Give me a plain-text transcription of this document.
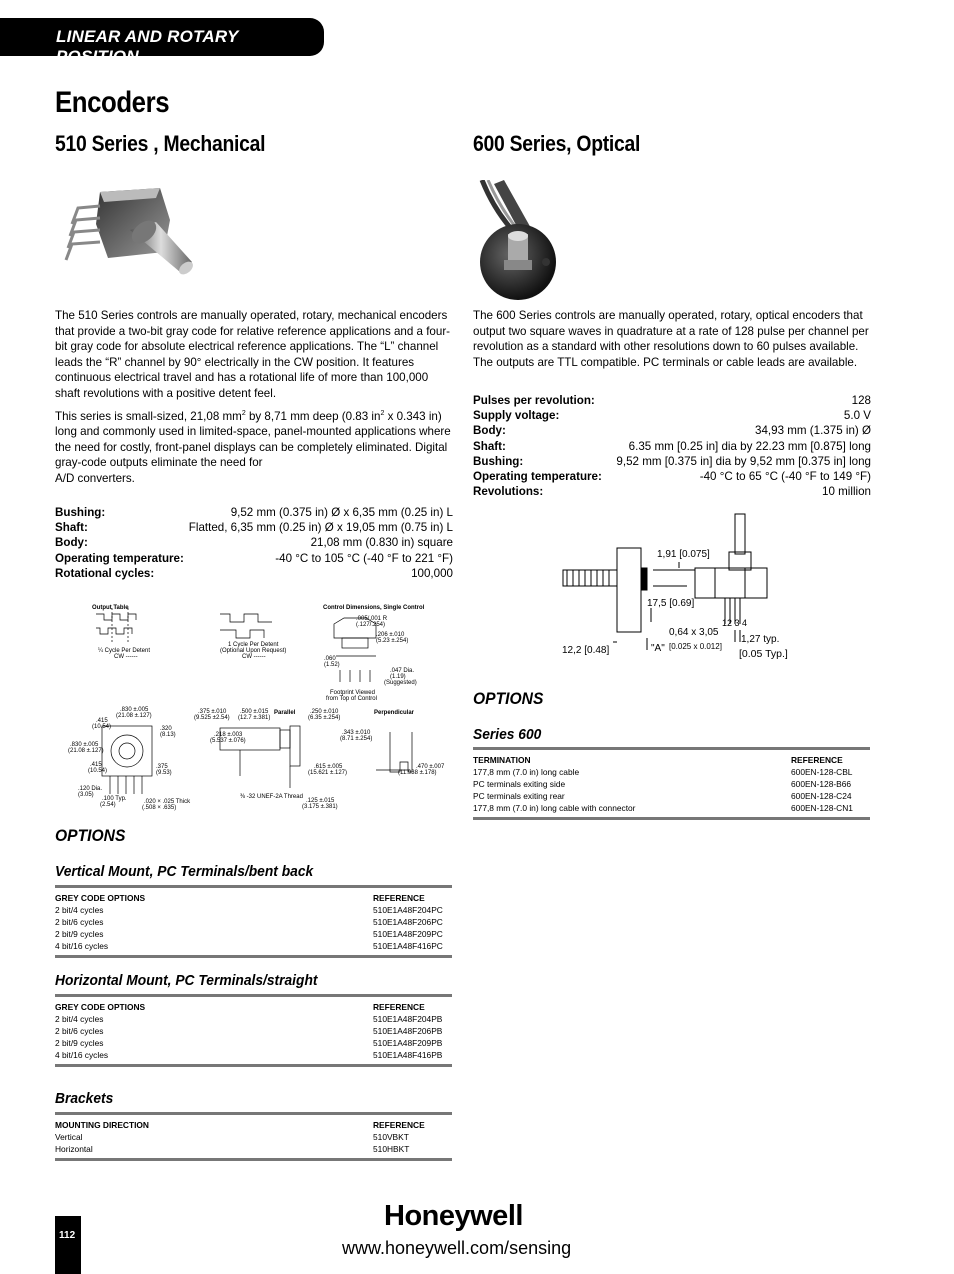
LINEAR AND ROTARY POSITION
Encoders
510 Series , Mechanical	600 Series, Optical

The 510 Series controls are manually operated, rotary, mechanical encoders that provide a two-bit gray code for relative reference applications and a four-bit gray code for absolute electrical reference applications. The “L” channel leads the “R” channel by 90° electrically in the CW position. It features continuous electrical travel and has a rotational life of more than 100,000 shaft revolutions with a positive detent feel.

This series is small-sized, 21,08 $mm^2$ by 8,71 mm deep (0.83 $in^2$ x 0.343 in) long and commonly used in limited-space, panel-mounted applications where the need for costly, front-panel displays can be completely eliminated. Digital gray-code outputs eliminate the need for
A/D converters.

The 600 Series controls are manually operated, rotary, optical encoders that output two square waves in quadrature at a rate of 128 pulse per channel per revolution as a standard with other resolutions down to 60 pulses available. The outputs are TTL compatible. PC terminals or cable leads are available.

Pulses per revolution:	128
Supply voltage:	5.0 V
Body:	34,93 mm (1.375 in) Ø
Shaft:	6.35 mm [0.25 in] dia by 22.23 mm [0.875] long
Bushing:	9,52 mm [0.375 in] dia by 9,52 mm [0.375 in] long
Operating temperature:	-40 °C to 65 °C (-40 °F to 149 °F)
Revolutions:	10 million
Bushing:	9,52 mm (0.375 in) Ø x 6,35 mm (0.25 in) L
Shaft:	Flatted, 6,35 mm (0.25 in) Ø x 19,05 mm (0.75 in) L
Body:	21,08 mm (0.830 in) square
Operating temperature:	-40 °C to 105 °C (-40 °F to 221 °F)
Rotational cycles:	100,000
1,91 [0.075]
17,5 [0.69]
12 3 4
0,64 x 3,05
[0.025 x 0.012]
12,2 [0.48]	"A"
1,27 typ.
[0.05 Typ.]
Output Table
¼ Cycle Per Detent
CW ------
1 Cycle Per Detent
(Optional Upon Request)
CW ------
Control Dimensions, Single Control
.005/.001 R
(.127/.254)
.206 ±.010
(5.23 ±.254)
.060
(1.52)
.047 Dia.
(1.19)
(Suggested)
Footprint Viewed
from Top of Control
.830 ±.005
(21.08 ±.127)
.415
(10.54)	.320
(8.13)
.830 ±.005
(21.08 ±.127)
.415
(10.54)
.375
(9.53)
.120 Dia.
(3.05)
.100 Typ.
(2.54)	.020 × .025 Thick
(.508 × .635)
.375 ±.010
(9.525 ±2.54)
.500 ±.015
(12.7 ±.381)
Parallel .250 ±.010
(6.35 ±.254)
Perpendicular
.218 ±.003
(5.537 ±.076)
.343 ±.010
(8.71 ±.254)
.615 ±.005
(15.621 ±.127)
.470 ±.007
(11.938 ±.178)
⅜ -32 UNEF-2A Thread
.125 ±.015
(3.175 ±.381)
OPTIONS
Series 600
TERMINATION	REFERENCE
177,8 mm (7.0 in) long cable	600EN-128-CBL
PC terminals exiting side	600EN-128-B66
PC terminals exiting rear	600EN-128-C24
177,8 mm (7.0 in) long cable with connector	600EN-128-CN1
OPTIONS
Vertical Mount, PC Terminals/bent back
GREY CODE OPTIONS	REFERENCE
2 bit/4 cycles	510E1A48F204PC
2 bit/6 cycles	510E1A48F206PC
2 bit/9 cycles	510E1A48F209PC
4 bit/16 cycles	510E1A48F416PC
Horizontal Mount, PC Terminals/straight
GREY CODE OPTIONS	REFERENCE
2 bit/4 cycles	510E1A48F204PB
2 bit/6 cycles	510E1A48F206PB
2 bit/9 cycles	510E1A48F209PB
4 bit/16 cycles	510E1A48F416PB
Brackets
MOUNTING DIRECTION	REFERENCE
Vertical	510VBKT
Horizontal	510HBKT
112
Honeywell
www.honeywell.com/sensing
